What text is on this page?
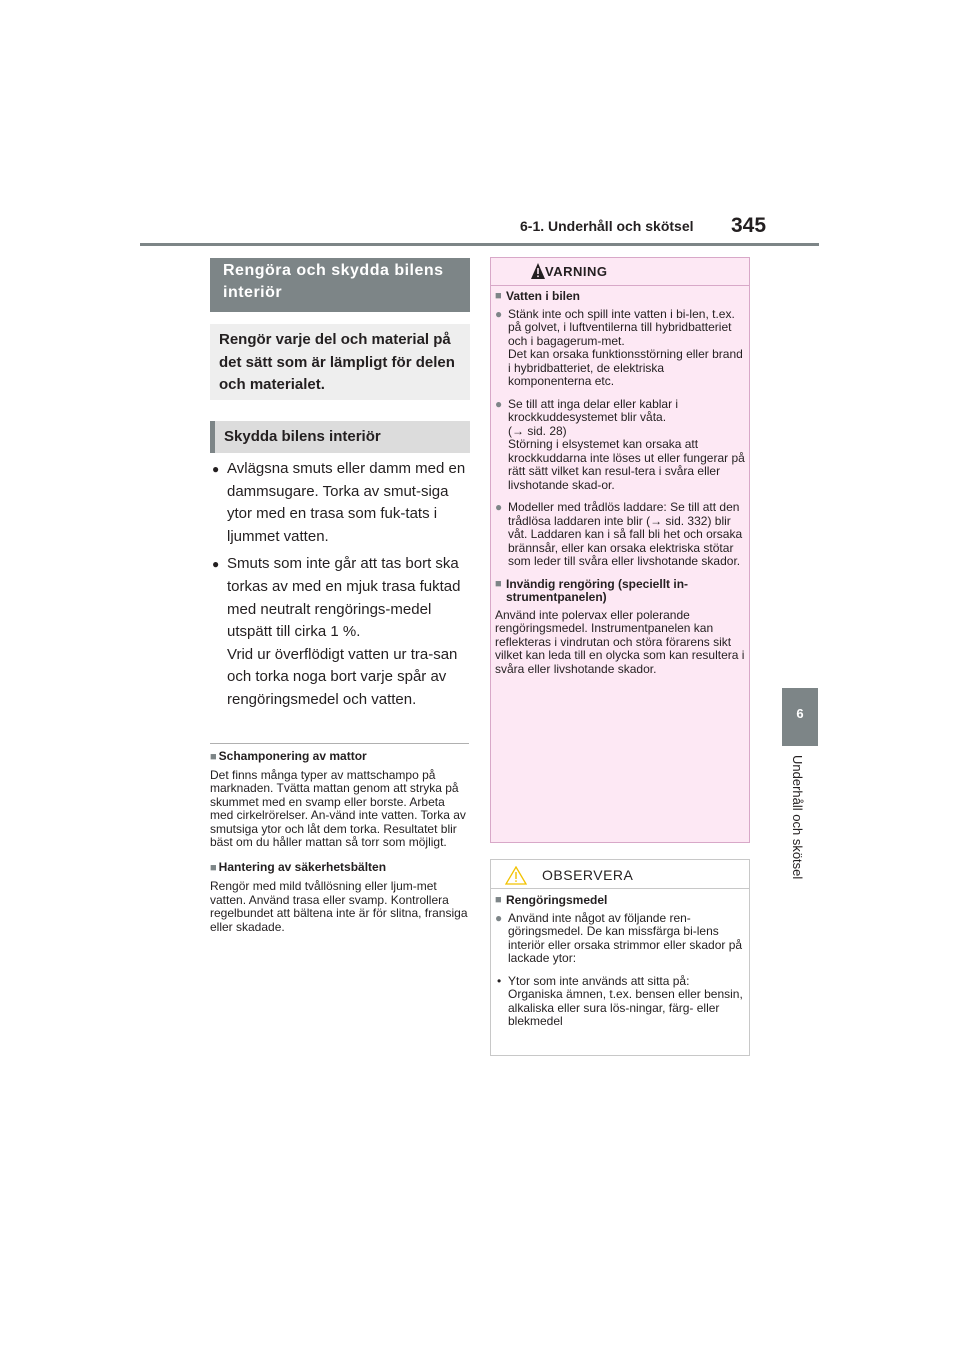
6-1. Underhåll och skötsel 345
6
Underhåll och skötsel
Rengöra och skydda bilens interiör
Rengör varje del och material på det sätt som är lämpligt för delen och materialet.
Skydda bilens interiör
● Avlägsna smuts eller damm med en dammsugare. Torka av smut-siga ytor med en trasa som fuk-tats i ljummet vatten.

● Smuts som inte går att tas bort ska torkas av med en mjuk trasa fuktad med neutralt rengörings-medel utspätt till cirka 1 %.

Vrid ur överflödigt vatten ur tra-san och torka noga bort varje spår av rengöringsmedel och vatten.

■ Schamponering av mattor

Det finns många typer av mattschampo på marknaden. Tvätta mattan genom att stryka på skummet med en svamp eller borste. Arbeta med cirkelrörelser. An-vänd inte vatten. Torka av smutsiga ytor och låt dem torka. Resultatet blir bäst om du håller mattan så torr som möjligt.

■ Hantering av säkerhetsbälten

Rengör med mild tvållösning eller ljum-met vatten. Använd trasa eller svamp. Kontrollera regelbundet att bältena inte är för slitna, fransiga eller skadade.

VARNING
■ Vatten i bilen
● Stänk inte och spill inte vatten i bi-len, t.ex. på golvet, i luftventilerna till hybridbatteriet och i bagagerum-met.

Det kan orsaka funktionsstörning eller brand i hybridbatteriet, de elektriska komponenterna etc.

● Se till att inga delar eller kablar i krockkuddesystemet blir våta.

(→ sid. 28)

Störning i elsystemet kan orsaka att krockkuddarna inte löses ut eller fungerar på rätt sätt vilket kan resul-tera i svåra eller livshotande skad-or.

● Modeller med trådlös laddare: Se till att den trådlösa laddaren inte blir (→ sid. 332) blir våt. Laddaren kan i så fall bli het och orsaka brännsår, eller kan orsaka elektriska stötar som leder till svåra eller livshotande skador.

■ Invändig rengöring (speciellt in-strumentpanelen)

Använd inte polervax eller polerande rengöringsmedel. Instrumentpanelen kan reflekteras i vindrutan och störa förarens sikt vilket kan leda till en olycka som kan resultera i svåra eller livshotande skador.

OBSERVERA
■ Rengöringsmedel
● Använd inte något av följande ren-göringsmedel. De kan missfärga bi-lens interiör eller orsaka strimmor eller skador på lackade ytor:

• Ytor som inte används att sitta på: Organiska ämnen, t.ex. bensen eller bensin, alkaliska eller sura lös-ningar, färg- eller blekmedel
